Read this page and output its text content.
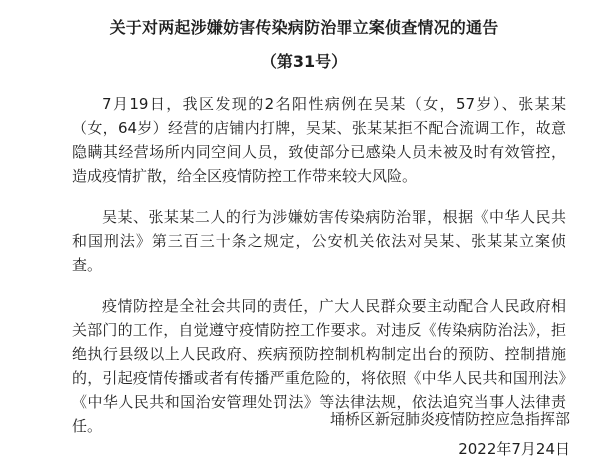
关于对两起涉嫌妨害传染病防治罪立案侦查情况的通告
（第31号）

7月19日，我区发现的2名阳性病例在吴某（女，57岁）、张某某（女，64岁）经营的店铺内打牌，吴某、张某某拒不配合流调工作，故意隐瞒其经营场所内同空间人员，致使部分已感染人员未被及时有效管控，造成疫情扩散，给全区疫情防控工作带来较大风险。

吴某、张某某二人的行为涉嫌妨害传染病防治罪，根据《中华人民共和国刑法》第三百三十条之规定，公安机关依法对吴某、张某某立案侦查。

疫情防控是全社会共同的责任，广大人民群众要主动配合人民政府相关部门的工作，自觉遵守疫情防控工作要求。对违反《传染病防治法》，拒绝执行县级以上人民政府、疾病预防控制机构制定出台的预防、控制措施的，引起疫情传播或者有传播严重危险的，将依照《中华人民共和国刑法》《中华人民共和国治安管理处罚法》等法律法规，依法追究当事人法律责任。	埇桥区新冠肺炎疫情防控应急指挥部

2022年7月24日
